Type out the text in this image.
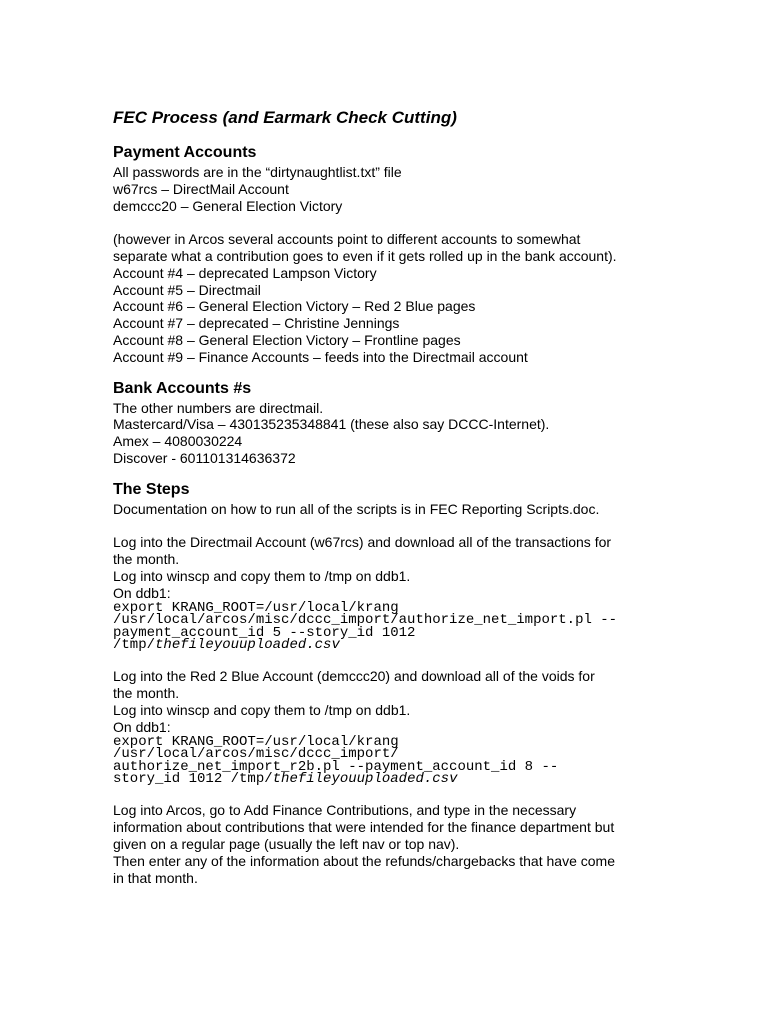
FEC Process (and Earmark Check Cutting)
Payment Accounts
All passwords are in the “dirtynaughtlist.txt” file
w67rcs – DirectMail Account
demccc20 – General Election Victory
(however in Arcos several accounts point to different accounts to somewhat
separate what a contribution goes to even if it gets rolled up in the bank account).
Account #4 – deprecated Lampson Victory
Account #5 – Directmail
Account #6 – General Election Victory – Red 2 Blue pages
Account #7 – deprecated – Christine Jennings
Account #8 – General Election Victory – Frontline pages
Account #9 – Finance Accounts – feeds into the Directmail account
Bank Accounts #s
The other numbers are directmail.
Mastercard/Visa – 430135235348841 (these also say DCCC-Internet).
Amex – 4080030224
Discover - 601101314636372
The Steps
Documentation on how to run all of the scripts is in FEC Reporting Scripts.doc.
Log into the Directmail Account (w67rcs) and download all of the transactions for
the month.
Log into winscp and copy them to /tmp on ddb1.
On ddb1:
export KRANG_ROOT=/usr/local/krang
/usr/local/arcos/misc/dccc_import/authorize_net_import.pl --
payment_account_id 5 --story_id 1012
/tmp/thefileyouuploaded.csv
Log into the Red 2 Blue Account (demccc20) and download all of the voids for
the month.
Log into winscp and copy them to /tmp on ddb1.
On ddb1:
export KRANG_ROOT=/usr/local/krang
/usr/local/arcos/misc/dccc_import/
authorize_net_import_r2b.pl --payment_account_id 8 --
story_id 1012 /tmp/thefileyouuploaded.csv
Log into Arcos, go to Add Finance Contributions, and type in the necessary
information about contributions that were intended for the finance department but
given on a regular page (usually the left nav or top nav).
Then enter any of the information about the refunds/chargebacks that have come
in that month.
